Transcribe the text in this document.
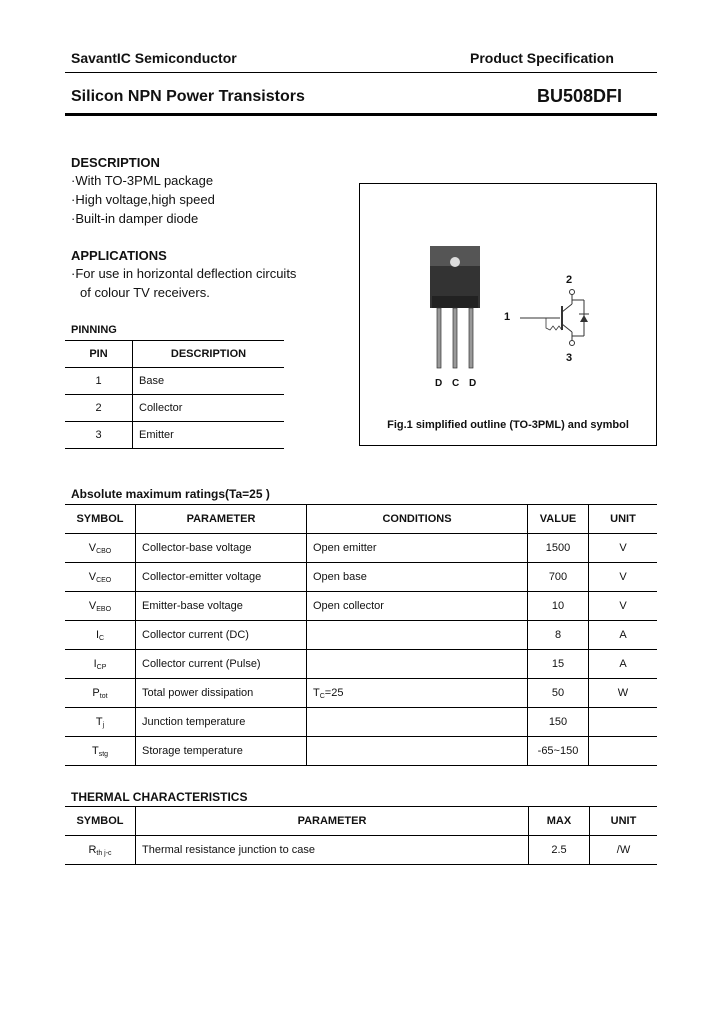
SavantIC Semiconductor	Product Specification
Silicon NPN Power Transistors	BU508DFI
DESCRIPTION
·With TO-3PML package
·High voltage,high speed
·Built-in damper diode
APPLICATIONS
·For use in horizontal deflection circuits
of colour TV receivers.
PINNING
PIN	DESCRIPTION
1	Base
2	Collector
3	Emitter
1
2
3
D C D
Fig.1 simplified outline (TO-3PML) and symbol
Absolute maximum ratings(Ta=25 )
SYMBOL	PARAMETER	CONDITIONS	VALUE	UNIT
$V_{CBO}$	Collector-base voltage	Open emitter	1500	V
$V_{CEO}$	Collector-emitter voltage	Open base	700	V
$V_{EBO}$	Emitter-base voltage	Open collector	10	V
$I_C$	Collector current (DC)		8	A
$I_{CP}$	Collector current (Pulse)		15	A
$P_{tot}$	Total power dissipation	$T_C=25$	50	W
$T_j$	Junction temperature		150	
$T_{stg}$	Storage temperature		-65~150	
THERMAL CHARACTERISTICS
SYMBOL	PARAMETER	MAX	UNIT
$R_{th j-c}$	Thermal resistance junction to case	2.5	/W
